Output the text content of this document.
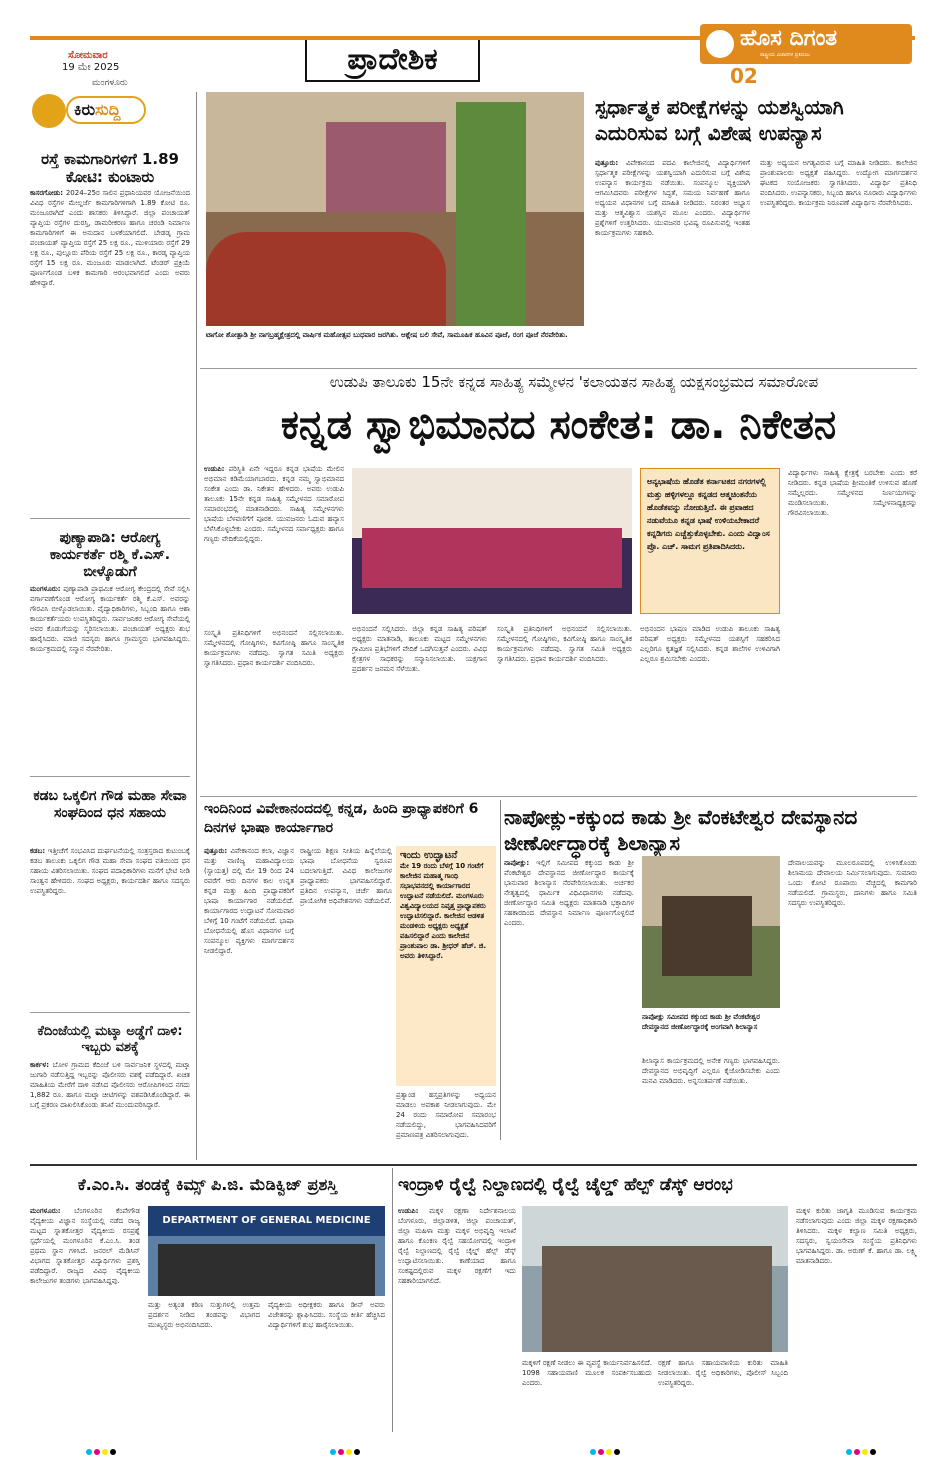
ಸೋಮವಾರ
19 ಮೇ 2025
ಮಂಗಳೂರು
ಪ್ರಾದೇಶಿಕ
ಹೊಸ ದಿಗಂತ
ರಾಷ್ಟ್ರೀಯ ವಿಚಾರಗಳ ಪ್ರತಿಬಿಂಬ
02
ಕಿರುಸುದ್ದಿ
ರಸ್ತೆ ಕಾಮಗಾರಿಗಳಿಗೆ 1.89 ಕೋಟಿ: ಕುಂಟಾರು
ಕಾಸರಗೋಡು: 2024–25ರ ಸಾಲಿನ ಪ್ರಧಾನಿಯವರ ಯೋಜನೆಯಿಂದ ವಿವಿಧ ರಸ್ತೆಗಳ ಮೇಲ್ದರ್ಜೆ ಕಾಮಗಾರಿಗಳಿಗಾಗಿ 1.89 ಕೋಟಿ ರೂ. ಮಂಜೂರಾಗಿದೆ ಎಂದು ಶಾಸಕರು ತಿಳಿಸಿದ್ದಾರೆ. ಜಿಲ್ಲಾ ಪಂಚಾಯತ್ ವ್ಯಾಪ್ತಿಯ ರಸ್ತೆಗಳ ದುರಸ್ತಿ, ಡಾಮರೀಕರಣ ಹಾಗೂ ಚರಂಡಿ ನಿರ್ಮಾಣ ಕಾಮಗಾರಿಗಳಿಗೆ ಈ ಅನುದಾನ ಬಳಕೆಯಾಗಲಿದೆ. ಬೇಡಡ್ಕ ಗ್ರಾಮ ಪಂಚಾಯತ್ ವ್ಯಾಪ್ತಿಯ ರಸ್ತೆಗೆ 25 ಲಕ್ಷ ರೂ., ಮುಳಿಯಾರು ರಸ್ತೆಗೆ 29 ಲಕ್ಷ ರೂ., ಪುಲ್ಲೂರು ಪೆರಿಯ ರಸ್ತೆಗೆ 25 ಲಕ್ಷ ರೂ., ಕಾರಡ್ಕ ವ್ಯಾಪ್ತಿಯ ರಸ್ತೆಗೆ 15 ಲಕ್ಷ ರೂ. ಮಂಜೂರು ಮಾಡಲಾಗಿದೆ. ಟೆಂಡರ್ ಪ್ರಕ್ರಿಯೆ ಪೂರ್ಣಗೊಂಡ ಬಳಿಕ ಕಾಮಗಾರಿ ಆರಂಭವಾಗಲಿದೆ ಎಂದು ಅವರು ಹೇಳಿದ್ದಾರೆ.
ಪುಣ್ಯಾಪಾಡಿ: ಆರೋಗ್ಯ ಕಾರ್ಯಕರ್ತೆ ರಶ್ಮಿ ಕೆ.ಎಸ್. ಬೀಳ್ಕೊಡುಗೆ
ಮಂಗಳೂರು: ಪುಣ್ಯಾಪಾಡಿ ಪ್ರಾಥಮಿಕ ಆರೋಗ್ಯ ಕೇಂದ್ರದಲ್ಲಿ ಸೇವೆ ಸಲ್ಲಿಸಿ ವರ್ಗಾವಣೆಗೊಂಡ ಆರೋಗ್ಯ ಕಾರ್ಯಕರ್ತೆ ರಶ್ಮಿ ಕೆ.ಎಸ್. ಅವರನ್ನು ಗೌರವಿಸಿ ಬೀಳ್ಕೊಡಲಾಯಿತು. ವೈದ್ಯಾಧಿಕಾರಿಗಳು, ಸಿಬ್ಬಂದಿ ಹಾಗೂ ಆಶಾ ಕಾರ್ಯಕರ್ತೆಯರು ಉಪಸ್ಥಿತರಿದ್ದರು. ಸಾರ್ವಜನಿಕರ ಆರೋಗ್ಯ ಸೇವೆಯಲ್ಲಿ ಅವರ ಕೊಡುಗೆಯನ್ನು ಸ್ಮರಿಸಲಾಯಿತು. ಪಂಚಾಯತ್ ಅಧ್ಯಕ್ಷರು ಶುಭ ಹಾರೈಸಿದರು. ಮಾಜಿ ಸದಸ್ಯರು ಹಾಗೂ ಗ್ರಾಮಸ್ಥರು ಭಾಗವಹಿಸಿದ್ದರು. ಕಾರ್ಯಕ್ರಮದಲ್ಲಿ ಸನ್ಮಾನ ನೆರವೇರಿತು.
ಕಡಬ ಒಕ್ಕಲಿಗ ಗೌಡ ಮಹಾ ಸೇವಾ ಸಂಘದಿಂದ ಧನ ಸಹಾಯ
ಕಡಬ: ಇತ್ತೀಚೆಗೆ ಸಂಭವಿಸಿದ ದುರ್ಘಟನೆಯಲ್ಲಿ ಸಂತ್ರಸ್ತರಾದ ಕುಟುಂಬಕ್ಕೆ ಕಡಬ ತಾಲೂಕು ಒಕ್ಕಲಿಗ ಗೌಡ ಮಹಾ ಸೇವಾ ಸಂಘದ ವತಿಯಿಂದ ಧನ ಸಹಾಯ ವಿತರಿಸಲಾಯಿತು. ಸಂಘದ ಪದಾಧಿಕಾರಿಗಳು ಮನೆಗೆ ಭೇಟಿ ನೀಡಿ ಸಾಂತ್ವನ ಹೇಳಿದರು. ಸಂಘದ ಅಧ್ಯಕ್ಷರು, ಕಾರ್ಯದರ್ಶಿ ಹಾಗೂ ಸದಸ್ಯರು ಉಪಸ್ಥಿತರಿದ್ದರು.
ಕೆದಿಂಜೆಯಲ್ಲಿ ಮಟ್ಕಾ ಅಡ್ಡೆಗೆ ದಾಳಿ: ಇಬ್ಬರು ವಶಕ್ಕೆ
ಕಾರ್ಕಳ: ಬೋಳ ಗ್ರಾಮದ ಕೆದಿಂಜೆ ಬಳಿ ಸಾರ್ವಜನಿಕ ಸ್ಥಳದಲ್ಲಿ ಮಟ್ಕಾ ಜುಗಾರಿ ನಡೆಸುತ್ತಿದ್ದ ಇಬ್ಬರನ್ನು ಪೊಲೀಸರು ವಶಕ್ಕೆ ಪಡೆದಿದ್ದಾರೆ. ಖಚಿತ ಮಾಹಿತಿಯ ಮೇರೆಗೆ ದಾಳಿ ನಡೆಸಿದ ಪೊಲೀಸರು ಆರೋಪಿಗಳಿಂದ ನಗದು 1,882 ರೂ. ಹಾಗೂ ಮಟ್ಕಾ ಚೀಟಿಗಳನ್ನು ವಶಪಡಿಸಿಕೊಂಡಿದ್ದಾರೆ. ಈ ಬಗ್ಗೆ ಪ್ರಕರಣ ದಾಖಲಿಸಿಕೊಂಡು ತನಿಖೆ ಮುಂದುವರಿಸಿದ್ದಾರೆ.
ಟಾಗೋ ಶೋತ್ಪಾಡಿ ಶ್ರೀ ನಾಗಬ್ರಹ್ಮಕ್ಷೇತ್ರದಲ್ಲಿ ವಾರ್ಷಿಕ ಮಹೋತ್ಸವ ಬುಧವಾರ ಜರಗಿತು. ಆಶ್ಲೇಷ ಬಲಿ ಸೇವೆ, ಸಾಮೂಹಿಕ ಹೂವಿನ ಪೂಜೆ, ರಂಗ ಪೂಜೆ ನೆರವೇರಿತು.
ಸ್ಪರ್ಧಾತ್ಮಕ ಪರೀಕ್ಷೆಗಳನ್ನು ಯಶಸ್ವಿಯಾಗಿ ಎದುರಿಸುವ ಬಗ್ಗೆ ವಿಶೇಷ ಉಪನ್ಯಾಸ
ಪುತ್ತೂರು: ವಿವೇಕಾನಂದ ಪದವಿ ಕಾಲೇಜಿನಲ್ಲಿ ವಿದ್ಯಾರ್ಥಿಗಳಿಗೆ ಸ್ಪರ್ಧಾತ್ಮಕ ಪರೀಕ್ಷೆಗಳನ್ನು ಯಶಸ್ವಿಯಾಗಿ ಎದುರಿಸುವ ಬಗ್ಗೆ ವಿಶೇಷ ಉಪನ್ಯಾಸ ಕಾರ್ಯಕ್ರಮ ನಡೆಯಿತು. ಸಂಪನ್ಮೂಲ ವ್ಯಕ್ತಿಯಾಗಿ ಆಗಮಿಸಿದವರು ಪರೀಕ್ಷೆಗಳ ಸಿದ್ಧತೆ, ಸಮಯ ನಿರ್ವಹಣೆ ಹಾಗೂ ಅಧ್ಯಯನ ವಿಧಾನಗಳ ಬಗ್ಗೆ ಮಾಹಿತಿ ನೀಡಿದರು. ನಿರಂತರ ಅಭ್ಯಾಸ ಮತ್ತು ಆತ್ಮವಿಶ್ವಾಸ ಯಶಸ್ಸಿನ ಮೂಲ ಎಂದರು. ವಿದ್ಯಾರ್ಥಿಗಳ ಪ್ರಶ್ನೆಗಳಿಗೆ ಉತ್ತರಿಸಿದರು. ಯುವಜನರ ಭವಿಷ್ಯ ರೂಪಿಸುವಲ್ಲಿ ಇಂತಹ ಕಾರ್ಯಕ್ರಮಗಳು ಸಹಕಾರಿ.
ಮತ್ತು ಅಧ್ಯಯನ ಅಗತ್ಯವಿರುವ ಬಗ್ಗೆ ಮಾಹಿತಿ ನೀಡಿದರು. ಕಾಲೇಜಿನ ಪ್ರಾಂಶುಪಾಲರು ಅಧ್ಯಕ್ಷತೆ ವಹಿಸಿದ್ದರು. ಉದ್ಯೋಗ ಮಾರ್ಗದರ್ಶನ ಘಟಕದ ಸಂಯೋಜಕರು ಸ್ವಾಗತಿಸಿದರು. ವಿದ್ಯಾರ್ಥಿ ಪ್ರತಿನಿಧಿ ವಂದಿಸಿದರು. ಉಪನ್ಯಾಸಕರು, ಸಿಬ್ಬಂದಿ ಹಾಗೂ ನೂರಾರು ವಿದ್ಯಾರ್ಥಿಗಳು ಉಪಸ್ಥಿತರಿದ್ದರು. ಕಾರ್ಯಕ್ರಮ ನಿರೂಪಣೆ ವಿದ್ಯಾರ್ಥಿನಿ ನೆರವೇರಿಸಿದರು.
ಉಡುಪಿ ತಾಲೂಕು 15ನೇ ಕನ್ನಡ ಸಾಹಿತ್ಯ ಸಮ್ಮೇಳನ 'ಕಲಾಯತನ ಸಾಹಿತ್ಯ ಯಕ್ಷಸಂಭ್ರಮದ ಸಮಾರೋಪ
ಕನ್ನಡ ಸ್ವಾಭಿಮಾನದ ಸಂಕೇತ: ಡಾ. ನಿಕೇತನ
ಉಡುಪಿ: ಪರಿಸ್ಥಿತಿ ಏನೇ ಇದ್ದರೂ ಕನ್ನಡ ಭಾಷೆಯ ಮೇಲಿನ ಅಭಿಮಾನ ಕಡಿಮೆಯಾಗಬಾರದು. ಕನ್ನಡ ನಮ್ಮ ಸ್ವಾಭಿಮಾನದ ಸಂಕೇತ ಎಂದು ಡಾ. ನಿಕೇತನ ಹೇಳಿದರು. ಅವರು ಉಡುಪಿ ತಾಲೂಕು 15ನೇ ಕನ್ನಡ ಸಾಹಿತ್ಯ ಸಮ್ಮೇಳನದ ಸಮಾರೋಪ ಸಮಾರಂಭದಲ್ಲಿ ಮಾತನಾಡಿದರು. ಸಾಹಿತ್ಯ ಸಮ್ಮೇಳನಗಳು ಭಾಷೆಯ ಬೆಳವಣಿಗೆಗೆ ಪೂರಕ. ಯುವಜನರು ಓದುವ ಹವ್ಯಾಸ ಬೆಳೆಸಿಕೊಳ್ಳಬೇಕು ಎಂದರು. ಸಮ್ಮೇಳನದ ಸರ್ವಾಧ್ಯಕ್ಷರು ಹಾಗೂ ಗಣ್ಯರು ವೇದಿಕೆಯಲ್ಲಿದ್ದರು.
ಅನ್ಯಭಾಷೆಯ ಹೊಡೆತ ಕರ್ನಾಟಕದ ನಗರಗಳಲ್ಲಿ ಮತ್ತು ಹಳ್ಳಿಗಳಲ್ಲೂ ಕನ್ನಡದ ಆತ್ಮಚಿಂತನೆಯ ಹೊಡೆತವನ್ನು ನೋಡುತ್ತಿದೆ. ಈ ಪ್ರವಾಹದ ನಡುವೆಯೂ ಕನ್ನಡ ಭಾಷೆ ಉಳಿಯಬೇಕಾದರೆ ಕನ್ನಡಿಗರು ಎಚ್ಚೆತ್ತುಕೊಳ್ಳಬೇಕು. ಎಂದು ವಿದ್ವಾಂಸ ಪ್ರೊ. ಎಚ್. ಸಾಮಗ ಪ್ರತಿಪಾದಿಸಿದರು.
ವಿದ್ಯಾರ್ಥಿಗಳು ಸಾಹಿತ್ಯ ಕ್ಷೇತ್ರಕ್ಕೆ ಬರಬೇಕು ಎಂದು ಕರೆ ನೀಡಿದರು. ಕನ್ನಡ ಭಾಷೆಯ ಶ್ರೀಮಂತಿಕೆ ಉಳಿಸುವ ಹೊಣೆ ನಮ್ಮೆಲ್ಲರದು. ಸಮ್ಮೇಳನದ ನಿರ್ಣಯಗಳನ್ನು ಮಂಡಿಸಲಾಯಿತು. ಸಮ್ಮೇಳನಾಧ್ಯಕ್ಷರನ್ನು ಗೌರವಿಸಲಾಯಿತು.
ಅಭಿನಂದನೆ ಸಲ್ಲಿಸಿದರು. ಜಿಲ್ಲಾ ಕನ್ನಡ ಸಾಹಿತ್ಯ ಪರಿಷತ್ ಅಧ್ಯಕ್ಷರು ಮಾತನಾಡಿ, ತಾಲೂಕು ಮಟ್ಟದ ಸಮ್ಮೇಳನಗಳು ಗ್ರಾಮೀಣ ಪ್ರತಿಭೆಗಳಿಗೆ ವೇದಿಕೆ ಒದಗಿಸುತ್ತವೆ ಎಂದರು. ವಿವಿಧ ಕ್ಷೇತ್ರಗಳ ಸಾಧಕರನ್ನು ಸನ್ಮಾನಿಸಲಾಯಿತು. ಯಕ್ಷಗಾನ ಪ್ರದರ್ಶನ ಜನಮನ ಸೆಳೆಯಿತು.
ಸಂಸ್ಕೃತಿ ಪ್ರತಿನಿಧಿಗಳಿಗೆ ಅಭಿನಂದನೆ ಸಲ್ಲಿಸಲಾಯಿತು. ಸಮ್ಮೇಳನದಲ್ಲಿ ಗೋಷ್ಠಿಗಳು, ಕವಿಗೋಷ್ಠಿ ಹಾಗೂ ಸಾಂಸ್ಕೃತಿಕ ಕಾರ್ಯಕ್ರಮಗಳು ನಡೆದವು. ಸ್ವಾಗತ ಸಮಿತಿ ಅಧ್ಯಕ್ಷರು ಸ್ವಾಗತಿಸಿದರು. ಪ್ರಧಾನ ಕಾರ್ಯದರ್ಶಿ ವಂದಿಸಿದರು.
ಅಭಿನಂದನ ಭಾಷಣ ಮಾಡಿದ ಉಡುಪಿ ತಾಲೂಕು ಸಾಹಿತ್ಯ ಪರಿಷತ್ ಅಧ್ಯಕ್ಷರು ಸಮ್ಮೇಳನದ ಯಶಸ್ಸಿಗೆ ಸಹಕರಿಸಿದ ಎಲ್ಲರಿಗೂ ಕೃತಜ್ಞತೆ ಸಲ್ಲಿಸಿದರು. ಕನ್ನಡ ಶಾಲೆಗಳ ಉಳಿವಿಗಾಗಿ ಎಲ್ಲರೂ ಶ್ರಮಿಸಬೇಕು ಎಂದರು.
ಸಂಸ್ಕೃತಿ ಪ್ರತಿನಿಧಿಗಳಿಗೆ ಅಭಿನಂದನೆ ಸಲ್ಲಿಸಲಾಯಿತು. ಸಮ್ಮೇಳನದಲ್ಲಿ ಗೋಷ್ಠಿಗಳು, ಕವಿಗೋಷ್ಠಿ ಹಾಗೂ ಸಾಂಸ್ಕೃತಿಕ ಕಾರ್ಯಕ್ರಮಗಳು ನಡೆದವು. ಸ್ವಾಗತ ಸಮಿತಿ ಅಧ್ಯಕ್ಷರು ಸ್ವಾಗತಿಸಿದರು. ಪ್ರಧಾನ ಕಾರ್ಯದರ್ಶಿ ವಂದಿಸಿದರು.
ಇಂದಿನಿಂದ ವಿವೇಕಾನಂದದಲ್ಲಿ ಕನ್ನಡ, ಹಿಂದಿ ಪ್ರಾಧ್ಯಾಪಕರಿಗೆ 6 ದಿನಗಳ ಭಾಷಾ ಕಾರ್ಯಾಗಾರ
ಪುತ್ತೂರು: ವಿವೇಕಾನಂದ ಕಲಾ, ವಿಜ್ಞಾನ ಮತ್ತು ವಾಣಿಜ್ಯ ಮಹಾವಿದ್ಯಾಲಯ (ಸ್ವಾಯತ್ತ) ದಲ್ಲಿ ಮೇ 19 ರಿಂದ 24 ರವರೆಗೆ ಆರು ದಿನಗಳ ಕಾಲ ಉನ್ನತ ಕನ್ನಡ ಮತ್ತು ಹಿಂದಿ ಪ್ರಾಧ್ಯಾಪಕರಿಗೆ ಭಾಷಾ ಕಾರ್ಯಾಗಾರ ನಡೆಯಲಿದೆ. ಕಾರ್ಯಾಗಾರದ ಉದ್ಘಾಟನೆ ಸೋಮವಾರ ಬೆಳಿಗ್ಗೆ 10 ಗಂಟೆಗೆ ನಡೆಯಲಿದೆ. ಭಾಷಾ ಬೋಧನೆಯಲ್ಲಿ ಹೊಸ ವಿಧಾನಗಳ ಬಗ್ಗೆ ಸಂಪನ್ಮೂಲ ವ್ಯಕ್ತಿಗಳು ಮಾರ್ಗದರ್ಶನ ನೀಡಲಿದ್ದಾರೆ.
ರಾಷ್ಟ್ರೀಯ ಶಿಕ್ಷಣ ನೀತಿಯ ಹಿನ್ನೆಲೆಯಲ್ಲಿ ಭಾಷಾ ಬೋಧನೆಯ ಸ್ವರೂಪ ಬದಲಾಗುತ್ತಿದೆ. ವಿವಿಧ ಕಾಲೇಜುಗಳ ಪ್ರಾಧ್ಯಾಪಕರು ಭಾಗವಹಿಸಲಿದ್ದಾರೆ. ಪ್ರತಿದಿನ ಉಪನ್ಯಾಸ, ಚರ್ಚೆ ಹಾಗೂ ಪ್ರಾಯೋಗಿಕ ಅಧಿವೇಶನಗಳು ನಡೆಯಲಿವೆ.
ಇಂದು ಉದ್ಘಾಟನೆ
ಮೇ 19 ರಂದು ಬೆಳಗ್ಗೆ 10 ಗಂಟೆಗೆ ಕಾಲೇಜಿನ ಮಹಾತ್ಮ ಗಾಂಧಿ ಸಭಾಭವನದಲ್ಲಿ ಕಾರ್ಯಾಗಾರದ ಉದ್ಘಾಟನೆ ನಡೆಯಲಿದೆ. ಮಂಗಳೂರು ವಿಶ್ವವಿದ್ಯಾಲಯದ ನಿವೃತ್ತ ಪ್ರಾಧ್ಯಾಪಕರು ಉದ್ಘಾಟಿಸಲಿದ್ದಾರೆ. ಕಾಲೇಜಿನ ಆಡಳಿತ ಮಂಡಳಿಯ ಅಧ್ಯಕ್ಷರು ಅಧ್ಯಕ್ಷತೆ ವಹಿಸಲಿದ್ದಾರೆ ಎಂದು ಕಾಲೇಜಿನ ಪ್ರಾಂಶುಪಾಲ ಡಾ. ಶ್ರೀಧರ್ ಹೆಚ್. ಜಿ. ಅವರು ತಿಳಿಸಿದ್ದಾರೆ.
ಪ್ರತ್ಯಾಂಡ ಹಸ್ತಪ್ರತಿಗಳನ್ನು ಅಧ್ಯಯನ ಮಾಡಲು ಅವಕಾಶ ನೀಡಲಾಗುವುದು. ಮೇ 24 ರಂದು ಸಮಾರೋಪ ಸಮಾರಂಭ ನಡೆಯಲಿದ್ದು, ಭಾಗವಹಿಸಿದವರಿಗೆ ಪ್ರಮಾಣಪತ್ರ ವಿತರಿಸಲಾಗುವುದು.
ನಾಪೋಕ್ಲು-ಕಕ್ಕುಂದ ಕಾಡು ಶ್ರೀ ವೆಂಕಟೇಶ್ವರ ದೇವಸ್ಥಾನದ ಜೀರ್ಣೋದ್ಧಾರಕ್ಕೆ ಶಿಲಾನ್ಯಾಸ
ನಾಪೋಕ್ಲು: ಇಲ್ಲಿಗೆ ಸಮೀಪದ ಕಕ್ಕುಂದ ಕಾಡು ಶ್ರೀ ವೆಂಕಟೇಶ್ವರ ದೇವಸ್ಥಾನದ ಜೀರ್ಣೋದ್ಧಾರ ಕಾರ್ಯಕ್ಕೆ ಭಾನುವಾರ ಶಿಲಾನ್ಯಾಸ ನೆರವೇರಿಸಲಾಯಿತು. ಅರ್ಚಕರ ನೇತೃತ್ವದಲ್ಲಿ ಧಾರ್ಮಿಕ ವಿಧಿವಿಧಾನಗಳು ನಡೆದವು. ಜೀರ್ಣೋದ್ಧಾರ ಸಮಿತಿ ಅಧ್ಯಕ್ಷರು ಮಾತನಾಡಿ ಭಕ್ತಾದಿಗಳ ಸಹಕಾರದಿಂದ ದೇವಸ್ಥಾನ ನಿರ್ಮಾಣ ಪೂರ್ಣಗೊಳ್ಳಲಿದೆ ಎಂದರು.
ನಾಪೋಕ್ಲು ಸಮೀಪದ ಕಕ್ಕುಂದ ಕಾಡು ಶ್ರೀ ವೆಂಕಟೇಶ್ವರ ದೇವಸ್ಥಾನದ ಜೀರ್ಣೋದ್ಧಾರಕ್ಕೆ ಅಂಗವಾಗಿ ಶಿಲಾನ್ಯಾಸ
ದೇವಾಲಯವನ್ನು ಮೂಲರೂಪದಲ್ಲಿ ಉಳಿಸಿಕೊಂಡು ಶಿಲಾಮಯ ದೇವಾಲಯ ನಿರ್ಮಿಸಲಾಗುವುದು. ಸುಮಾರು ಒಂದು ಕೋಟಿ ರೂಪಾಯಿ ವೆಚ್ಚದಲ್ಲಿ ಕಾಮಗಾರಿ ನಡೆಯಲಿದೆ. ಗ್ರಾಮಸ್ಥರು, ದಾನಿಗಳು ಹಾಗೂ ಸಮಿತಿ ಸದಸ್ಯರು ಉಪಸ್ಥಿತರಿದ್ದರು.
ಶಿಲಾನ್ಯಾಸ ಕಾರ್ಯಕ್ರಮದಲ್ಲಿ ಅನೇಕ ಗಣ್ಯರು ಭಾಗವಹಿಸಿದ್ದರು. ದೇವಸ್ಥಾನದ ಅಭಿವೃದ್ಧಿಗೆ ಎಲ್ಲರೂ ಕೈಜೋಡಿಸಬೇಕು ಎಂದು ಮನವಿ ಮಾಡಿದರು. ಅನ್ನಸಂತರ್ಪಣೆ ನಡೆಯಿತು.
ಕೆ.ಎಂ.ಸಿ. ತಂಡಕ್ಕೆ ಕಿಮ್ಸ್ ಪಿ.ಜಿ. ಮೆಡಿಕ್ವಿಜ್ ಪ್ರಶಸ್ತಿ
ಮಂಗಳೂರು: ಬೆಂಗಳೂರಿನ ಕೆಂಪೇಗೌಡ ವೈದ್ಯಕೀಯ ವಿಜ್ಞಾನ ಸಂಸ್ಥೆಯಲ್ಲಿ ನಡೆದ ರಾಜ್ಯ ಮಟ್ಟದ ಸ್ನಾತಕೋತ್ತರ ವೈದ್ಯಕೀಯ ರಸಪ್ರಶ್ನೆ ಸ್ಪರ್ಧೆಯಲ್ಲಿ ಮಂಗಳೂರಿನ ಕೆ.ಎಂ.ಸಿ. ತಂಡ ಪ್ರಥಮ ಸ್ಥಾನ ಗಳಿಸಿದೆ. ಜನರಲ್ ಮೆಡಿಸಿನ್ ವಿಭಾಗದ ಸ್ನಾತಕೋತ್ತರ ವಿದ್ಯಾರ್ಥಿಗಳು ಪ್ರಶಸ್ತಿ ಪಡೆದಿದ್ದಾರೆ. ರಾಜ್ಯದ ವಿವಿಧ ವೈದ್ಯಕೀಯ ಕಾಲೇಜುಗಳ ತಂಡಗಳು ಭಾಗವಹಿಸಿದ್ದವು.
DEPARTMENT OF GENERAL MEDICINE
ಮತ್ತು ಅತ್ಯಂತ ಕಠಿಣ ಸುತ್ತುಗಳಲ್ಲಿ ಉತ್ತಮ ಪ್ರದರ್ಶನ ನೀಡಿದ ತಂಡವನ್ನು ವಿಭಾಗದ ಮುಖ್ಯಸ್ಥರು ಅಭಿನಂದಿಸಿದರು.
ವೈದ್ಯಕೀಯ ಅಧೀಕ್ಷಕರು ಹಾಗೂ ಡೀನ್ ಅವರು ವಿಜೇತರನ್ನು ಶ್ಲಾಘಿಸಿದರು. ಸಂಸ್ಥೆಯ ಕೀರ್ತಿ ಹೆಚ್ಚಿಸಿದ ವಿದ್ಯಾರ್ಥಿಗಳಿಗೆ ಶುಭ ಹಾರೈಸಲಾಯಿತು.
ಇಂದ್ರಾಳಿ ರೈಲ್ವೆ ನಿಲ್ದಾಣದಲ್ಲಿ ರೈಲ್ವೆ ಚೈಲ್ಡ್ ಹೆಲ್ಪ್ ಡೆಸ್ಕ್ ಆರಂಭ
ಉಡುಪಿ: ಮಕ್ಕಳ ರಕ್ಷಣಾ ನಿರ್ದೇಶನಾಲಯ ಬೆಂಗಳೂರು, ಜಿಲ್ಲಾಡಳಿತ, ಜಿಲ್ಲಾ ಪಂಚಾಯತ್, ಜಿಲ್ಲಾ ಮಹಿಳಾ ಮತ್ತು ಮಕ್ಕಳ ಅಭಿವೃದ್ಧಿ ಇಲಾಖೆ ಹಾಗೂ ಕೊಂಕಣ ರೈಲ್ವೆ ಸಹಯೋಗದಲ್ಲಿ ಇಂದ್ರಾಳಿ ರೈಲ್ವೆ ನಿಲ್ದಾಣದಲ್ಲಿ ರೈಲ್ವೆ ಚೈಲ್ಡ್ ಹೆಲ್ಪ್ ಡೆಸ್ಕ್ ಉದ್ಘಾಟಿಸಲಾಯಿತು. ಕಾಣೆಯಾದ ಹಾಗೂ ಸಂಕಷ್ಟದಲ್ಲಿರುವ ಮಕ್ಕಳ ರಕ್ಷಣೆಗೆ ಇದು ಸಹಕಾರಿಯಾಗಲಿದೆ.
ಮಕ್ಕಳಿಗೆ ರಕ್ಷಣೆ ನೀಡಲು ಈ ವ್ಯವಸ್ಥೆ ಕಾರ್ಯನಿರ್ವಹಿಸಲಿದೆ. 1098 ಸಹಾಯವಾಣಿ ಮೂಲಕ ಸಂಪರ್ಕಿಸಬಹುದು ಎಂದರು.
ರಕ್ಷಣೆ ಹಾಗೂ ಸಹಾಯವಾಣಿಯ ಕುರಿತು ಮಾಹಿತಿ ನೀಡಲಾಯಿತು. ರೈಲ್ವೆ ಅಧಿಕಾರಿಗಳು, ಪೊಲೀಸ್ ಸಿಬ್ಬಂದಿ ಉಪಸ್ಥಿತರಿದ್ದರು.
ಮಕ್ಕಳ ಕುರಿತು ಜಾಗೃತಿ ಮೂಡಿಸುವ ಕಾರ್ಯಕ್ರಮ ನಡೆಸಲಾಗುವುದು ಎಂದು ಜಿಲ್ಲಾ ಮಕ್ಕಳ ರಕ್ಷಣಾಧಿಕಾರಿ ತಿಳಿಸಿದರು. ಮಕ್ಕಳ ಕಲ್ಯಾಣ ಸಮಿತಿ ಅಧ್ಯಕ್ಷರು, ಸದಸ್ಯರು, ಸ್ವಯಂಸೇವಾ ಸಂಸ್ಥೆಯ ಪ್ರತಿನಿಧಿಗಳು ಭಾಗವಹಿಸಿದ್ದರು. ಡಾ. ಅರುಣ್ ಕೆ. ಹಾಗೂ ಡಾ. ಲಕ್ಷ್ಮಿ ಮಾತನಾಡಿದರು.
